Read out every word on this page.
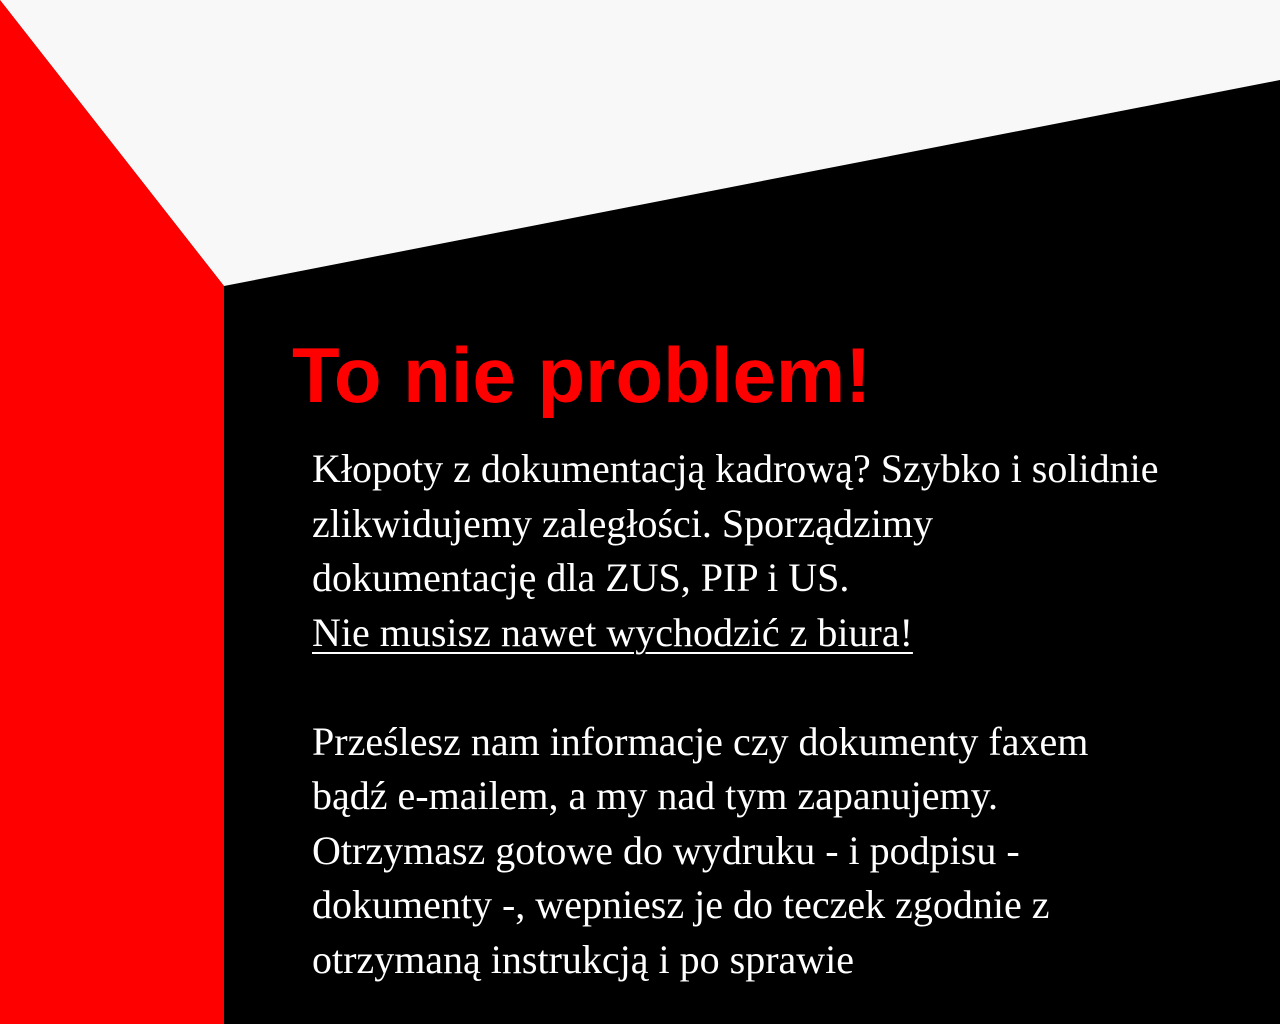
To nie problem!
Kłopoty z dokumentacją kadrową? Szybko i solidnie
zlikwidujemy zaległości. Sporządzimy
dokumentację dla ZUS, PIP i US.
Nie musisz nawet wychodzić z biura!
Prześlesz nam informacje czy dokumenty faxem
bądź e-mailem, a my nad tym zapanujemy.
Otrzymasz gotowe do wydruku - i podpisu -
dokumenty -, wepniesz je do teczek zgodnie z
otrzymaną instrukcją i po sprawie
